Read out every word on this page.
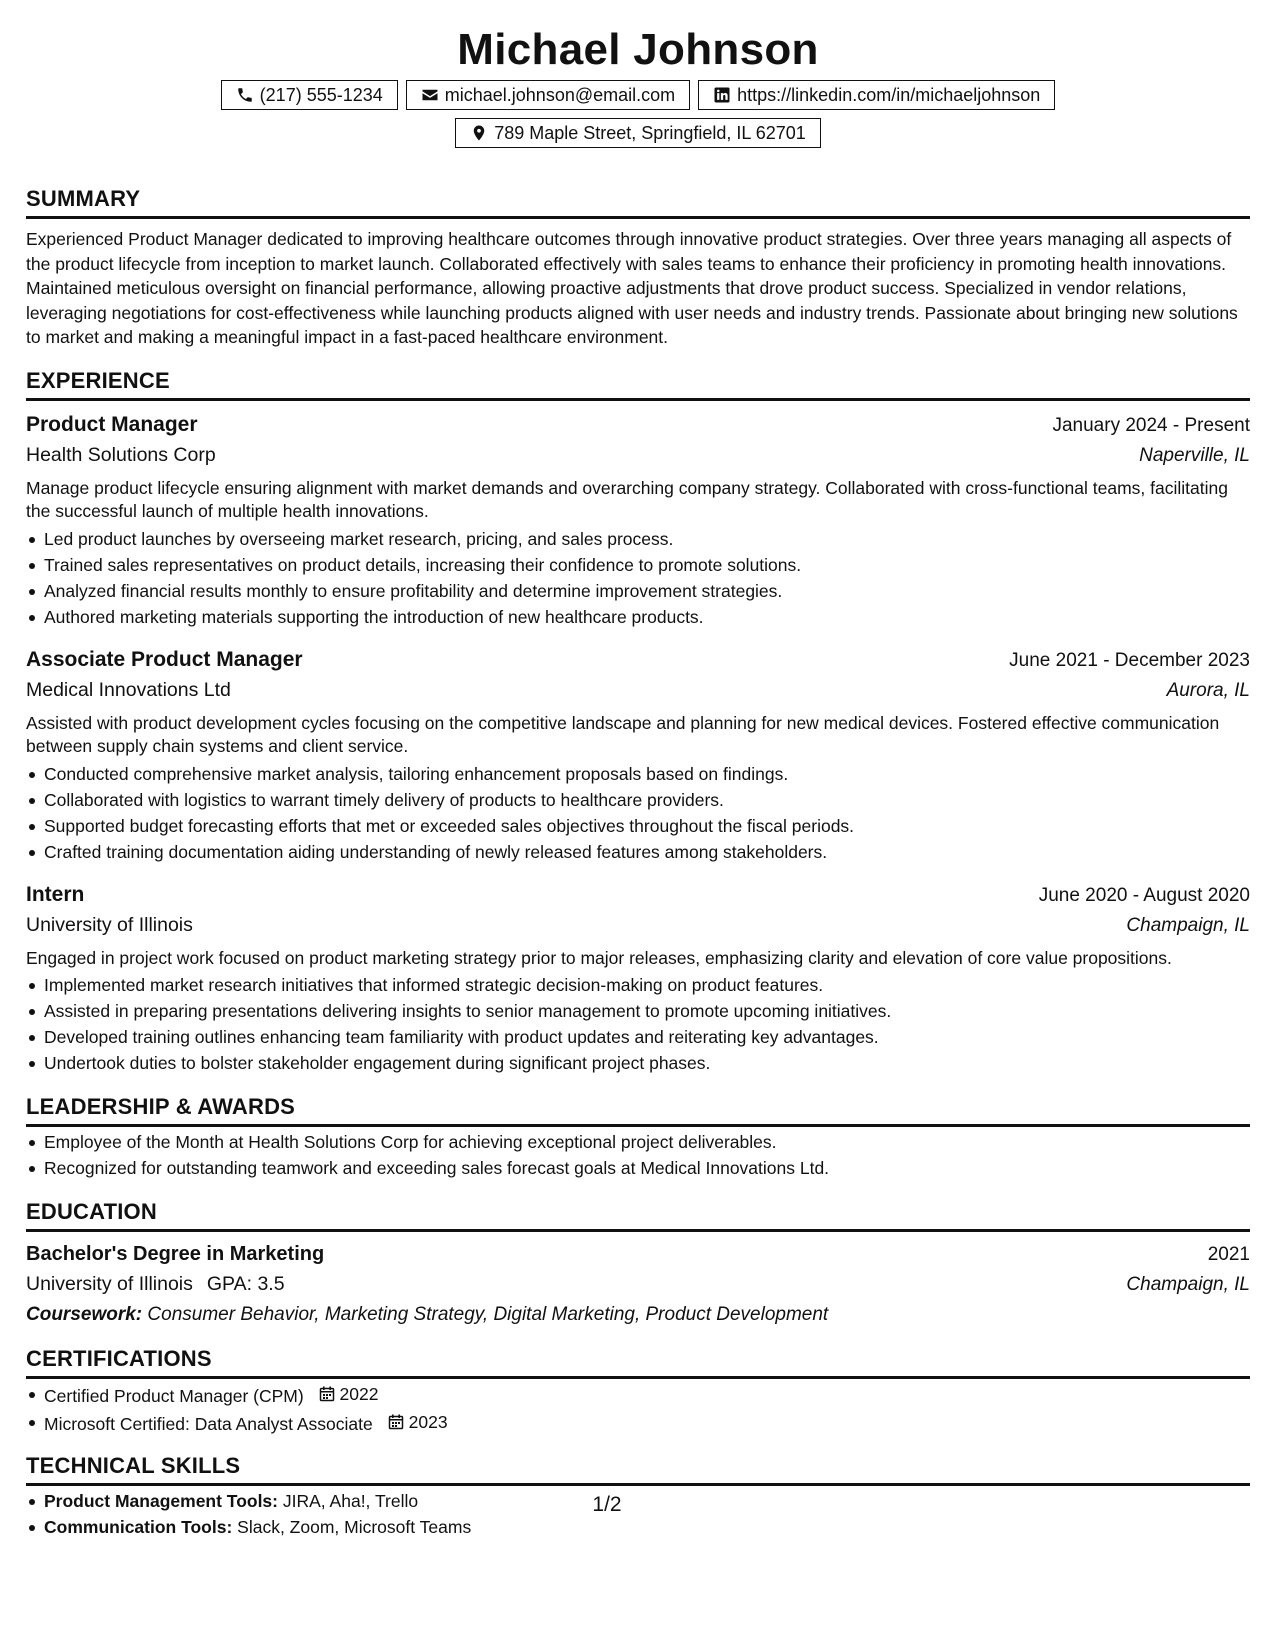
Michael Johnson
(217) 555-1234	michael.johnson@email.com	https://linkedin.com/in/michaeljohnson
789 Maple Street, Springfield, IL 62701
SUMMARY
Experienced Product Manager dedicated to improving healthcare outcomes through innovative product strategies. Over three years managing all aspects of the product lifecycle from inception to market launch. Collaborated effectively with sales teams to enhance their proficiency in promoting health innovations. Maintained meticulous oversight on financial performance, allowing proactive adjustments that drove product success. Specialized in vendor relations, leveraging negotiations for cost-effectiveness while launching products aligned with user needs and industry trends. Passionate about bringing new solutions to market and making a meaningful impact in a fast-paced healthcare environment.
EXPERIENCE
Product Manager	January 2024 - Present
Health Solutions Corp	Naperville, IL
Manage product lifecycle ensuring alignment with market demands and overarching company strategy. Collaborated with cross-functional teams, facilitating the successful launch of multiple health innovations.
Led product launches by overseeing market research, pricing, and sales process.
Trained sales representatives on product details, increasing their confidence to promote solutions.
Analyzed financial results monthly to ensure profitability and determine improvement strategies.
Authored marketing materials supporting the introduction of new healthcare products.
Associate Product Manager	June 2021 - December 2023
Medical Innovations Ltd	Aurora, IL
Assisted with product development cycles focusing on the competitive landscape and planning for new medical devices. Fostered effective communication between supply chain systems and client service.
Conducted comprehensive market analysis, tailoring enhancement proposals based on findings.
Collaborated with logistics to warrant timely delivery of products to healthcare providers.
Supported budget forecasting efforts that met or exceeded sales objectives throughout the fiscal periods.
Crafted training documentation aiding understanding of newly released features among stakeholders.
Intern	June 2020 - August 2020
University of Illinois	Champaign, IL
Engaged in project work focused on product marketing strategy prior to major releases, emphasizing clarity and elevation of core value propositions.
Implemented market research initiatives that informed strategic decision-making on product features.
Assisted in preparing presentations delivering insights to senior management to promote upcoming initiatives.
Developed training outlines enhancing team familiarity with product updates and reiterating key advantages.
Undertook duties to bolster stakeholder engagement during significant project phases.
LEADERSHIP & AWARDS
Employee of the Month at Health Solutions Corp for achieving exceptional project deliverables.
Recognized for outstanding teamwork and exceeding sales forecast goals at Medical Innovations Ltd.
EDUCATION
Bachelor's Degree in Marketing	2021
University of Illinois GPA: 3.5	Champaign, IL
Coursework: Consumer Behavior, Marketing Strategy, Digital Marketing, Product Development
CERTIFICATIONS
Certified Product Manager (CPM) 2022
Microsoft Certified: Data Analyst Associate 2023
TECHNICAL SKILLS
Product Management Tools: JIRA, Aha!, Trello
Communication Tools: Slack, Zoom, Microsoft Teams
1/2
